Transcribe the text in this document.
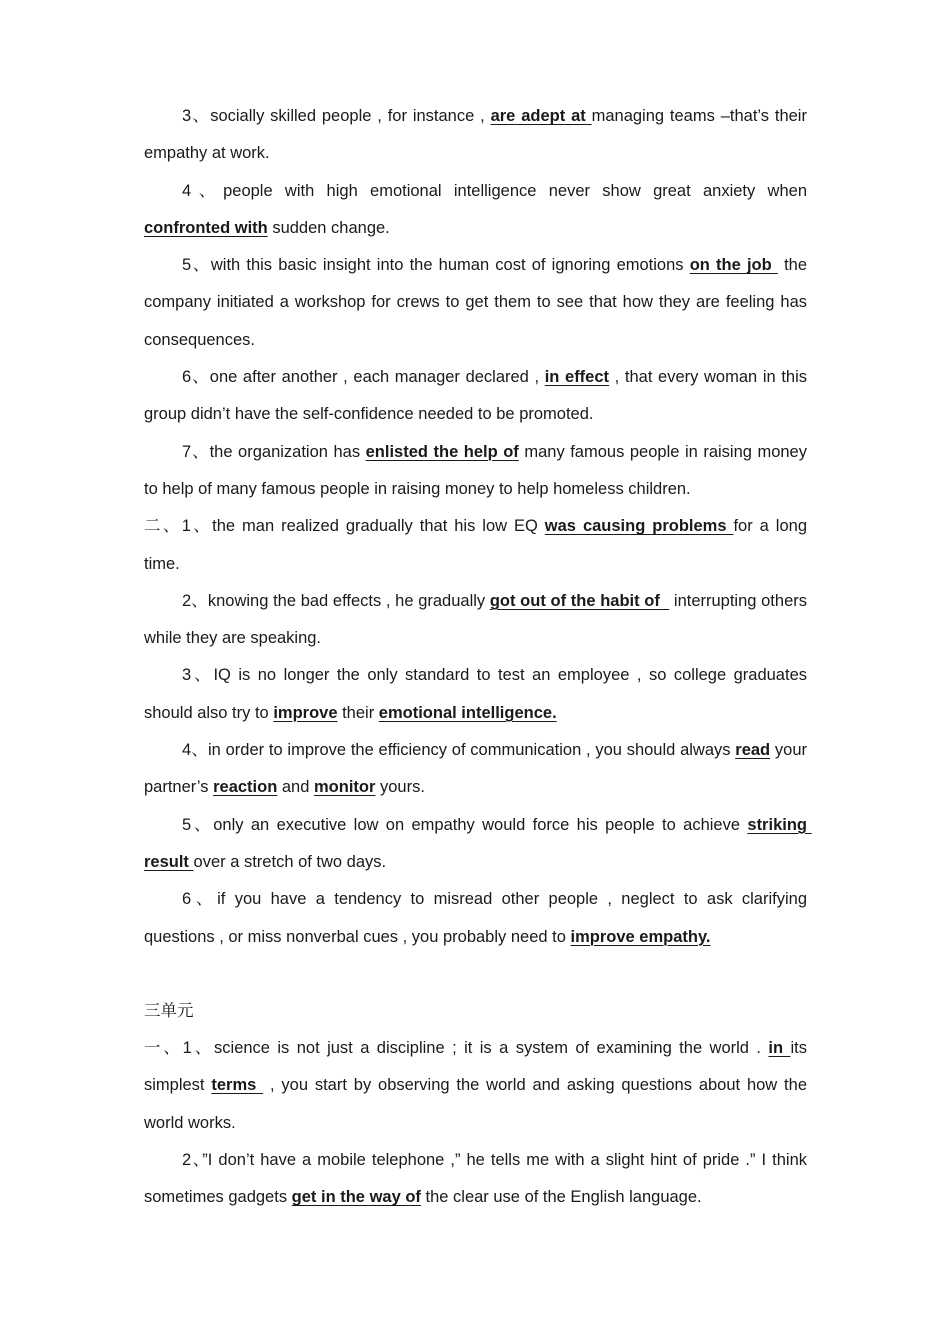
3、socially skilled people , for instance , are adept at managing teams –that’s their empathy at work.

4、people with high emotional intelligence never show great anxiety when confronted with sudden change.

5、with this basic insight into the human cost of ignoring emotions on the job  the company initiated a workshop for crews to get them to see that how they are feeling has consequences.

6、one after another , each manager declared , in effect , that every woman in this group didn’t have the self-confidence needed to be promoted.

7、the organization has enlisted the help of many famous people in raising money to help of many famous people in raising money to help homeless children.

二、1、the man realized gradually that his low EQ was causing problems for a long time.

2、knowing the bad effects , he gradually got out of the habit of   interrupting others while they are speaking.

3、IQ is no longer the only standard to test an employee , so college graduates should also try to improve their emotional intelligence.

4、in order to improve the efficiency of communication , you should always read your partner’s reaction and monitor yours.

5、only an executive low on empathy would force his people to achieve striking result over a stretch of two days.

6、if you have a tendency to misread other people , neglect to ask clarifying questions , or miss nonverbal cues , you probably need to improve empathy.

三单元

一、1、science is not just a discipline ; it is a system of examining the world . in its simplest terms  , you start by observing the world and asking questions about how the world works.

2、”I don’t have a mobile telephone ,” he tells me with a slight hint of pride .” I think sometimes gadgets get in the way of the clear use of the English language.
